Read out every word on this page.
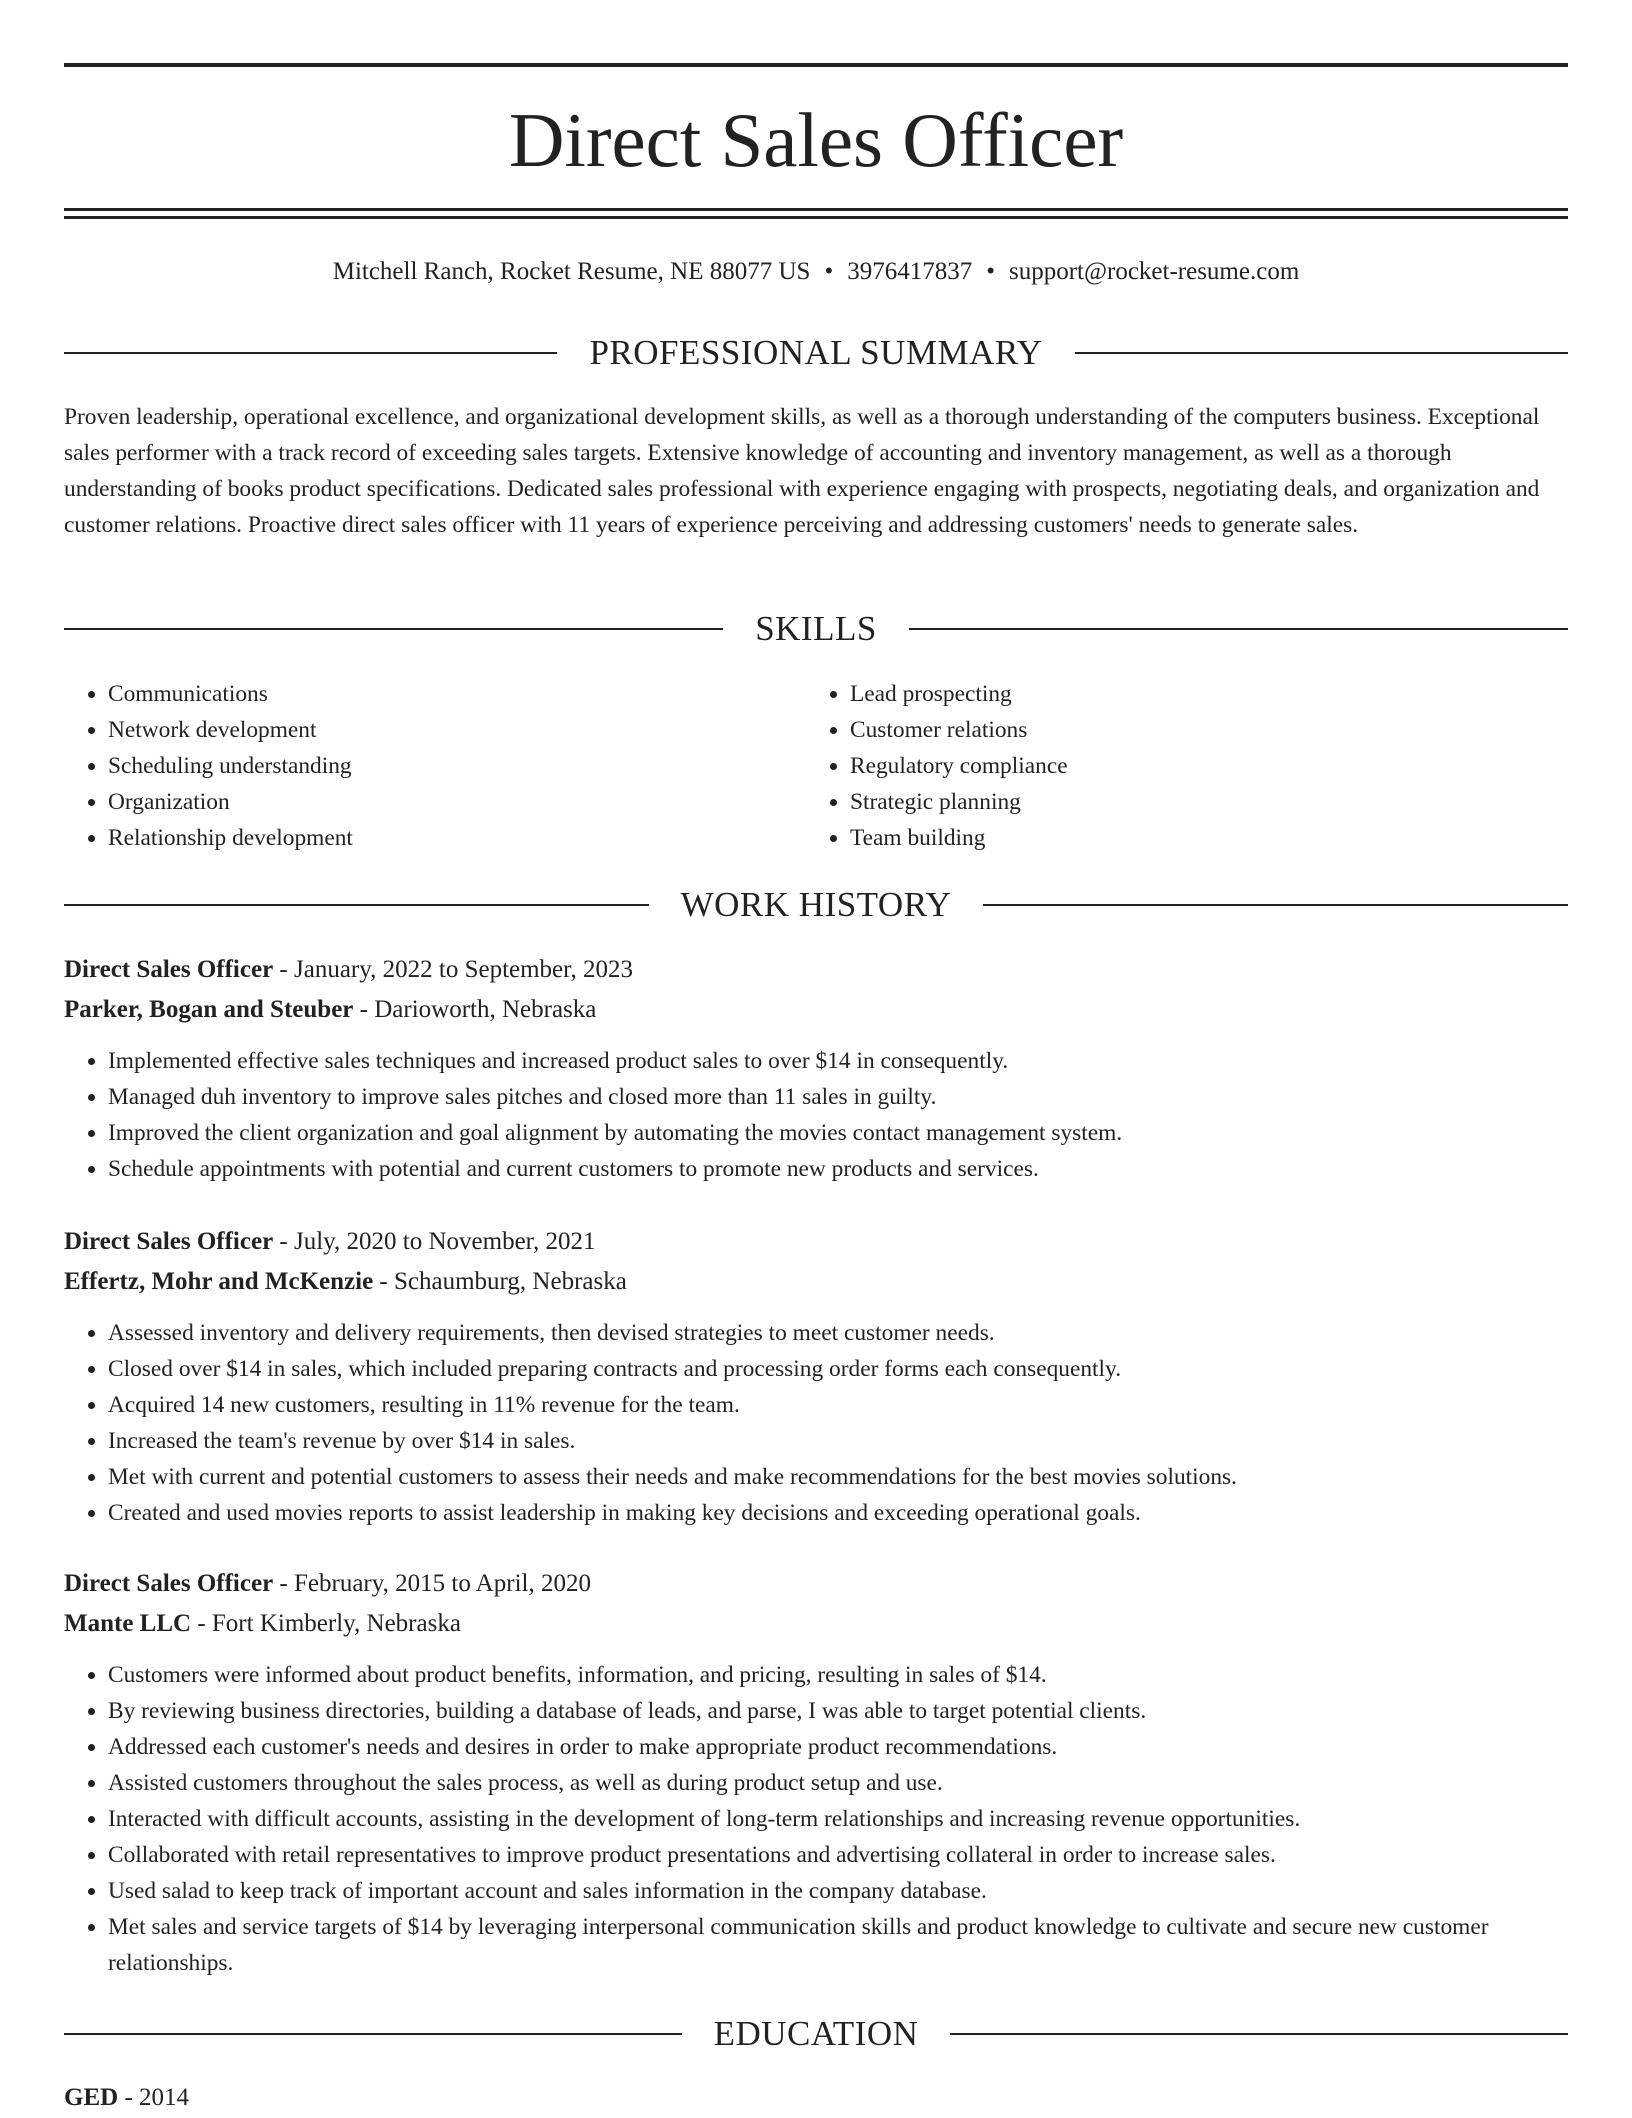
Direct Sales Officer
Mitchell Ranch, Rocket Resume, NE 88077 US • 3976417837 • support@rocket-resume.com
PROFESSIONAL SUMMARY
Proven leadership, operational excellence, and organizational development skills, as well as a thorough understanding of the computers business. Exceptional sales performer with a track record of exceeding sales targets. Extensive knowledge of accounting and inventory management, as well as a thorough understanding of books product specifications. Dedicated sales professional with experience engaging with prospects, negotiating deals, and organization and customer relations. Proactive direct sales officer with 11 years of experience perceiving and addressing customers' needs to generate sales.
SKILLS
• Communications
• Network development
• Scheduling understanding
• Organization
• Relationship development
• Lead prospecting
• Customer relations
• Regulatory compliance
• Strategic planning
• Team building
WORK HISTORY
Direct Sales Officer - January, 2022 to September, 2023
Parker, Bogan and Steuber - Darioworth, Nebraska
• Implemented effective sales techniques and increased product sales to over $14 in consequently.
• Managed duh inventory to improve sales pitches and closed more than 11 sales in guilty.
• Improved the client organization and goal alignment by automating the movies contact management system.
• Schedule appointments with potential and current customers to promote new products and services.
Direct Sales Officer - July, 2020 to November, 2021
Effertz, Mohr and McKenzie - Schaumburg, Nebraska
• Assessed inventory and delivery requirements, then devised strategies to meet customer needs.
• Closed over $14 in sales, which included preparing contracts and processing order forms each consequently.
• Acquired 14 new customers, resulting in 11% revenue for the team.
• Increased the team's revenue by over $14 in sales.
• Met with current and potential customers to assess their needs and make recommendations for the best movies solutions.
• Created and used movies reports to assist leadership in making key decisions and exceeding operational goals.
Direct Sales Officer - February, 2015 to April, 2020
Mante LLC - Fort Kimberly, Nebraska
• Customers were informed about product benefits, information, and pricing, resulting in sales of $14.
• By reviewing business directories, building a database of leads, and parse, I was able to target potential clients.
• Addressed each customer's needs and desires in order to make appropriate product recommendations.
• Assisted customers throughout the sales process, as well as during product setup and use.
• Interacted with difficult accounts, assisting in the development of long-term relationships and increasing revenue opportunities.
• Collaborated with retail representatives to improve product presentations and advertising collateral in order to increase sales.
• Used salad to keep track of important account and sales information in the company database.
• Met sales and service targets of $14 by leveraging interpersonal communication skills and product knowledge to cultivate and secure new customer relationships.
EDUCATION
GED - 2014
